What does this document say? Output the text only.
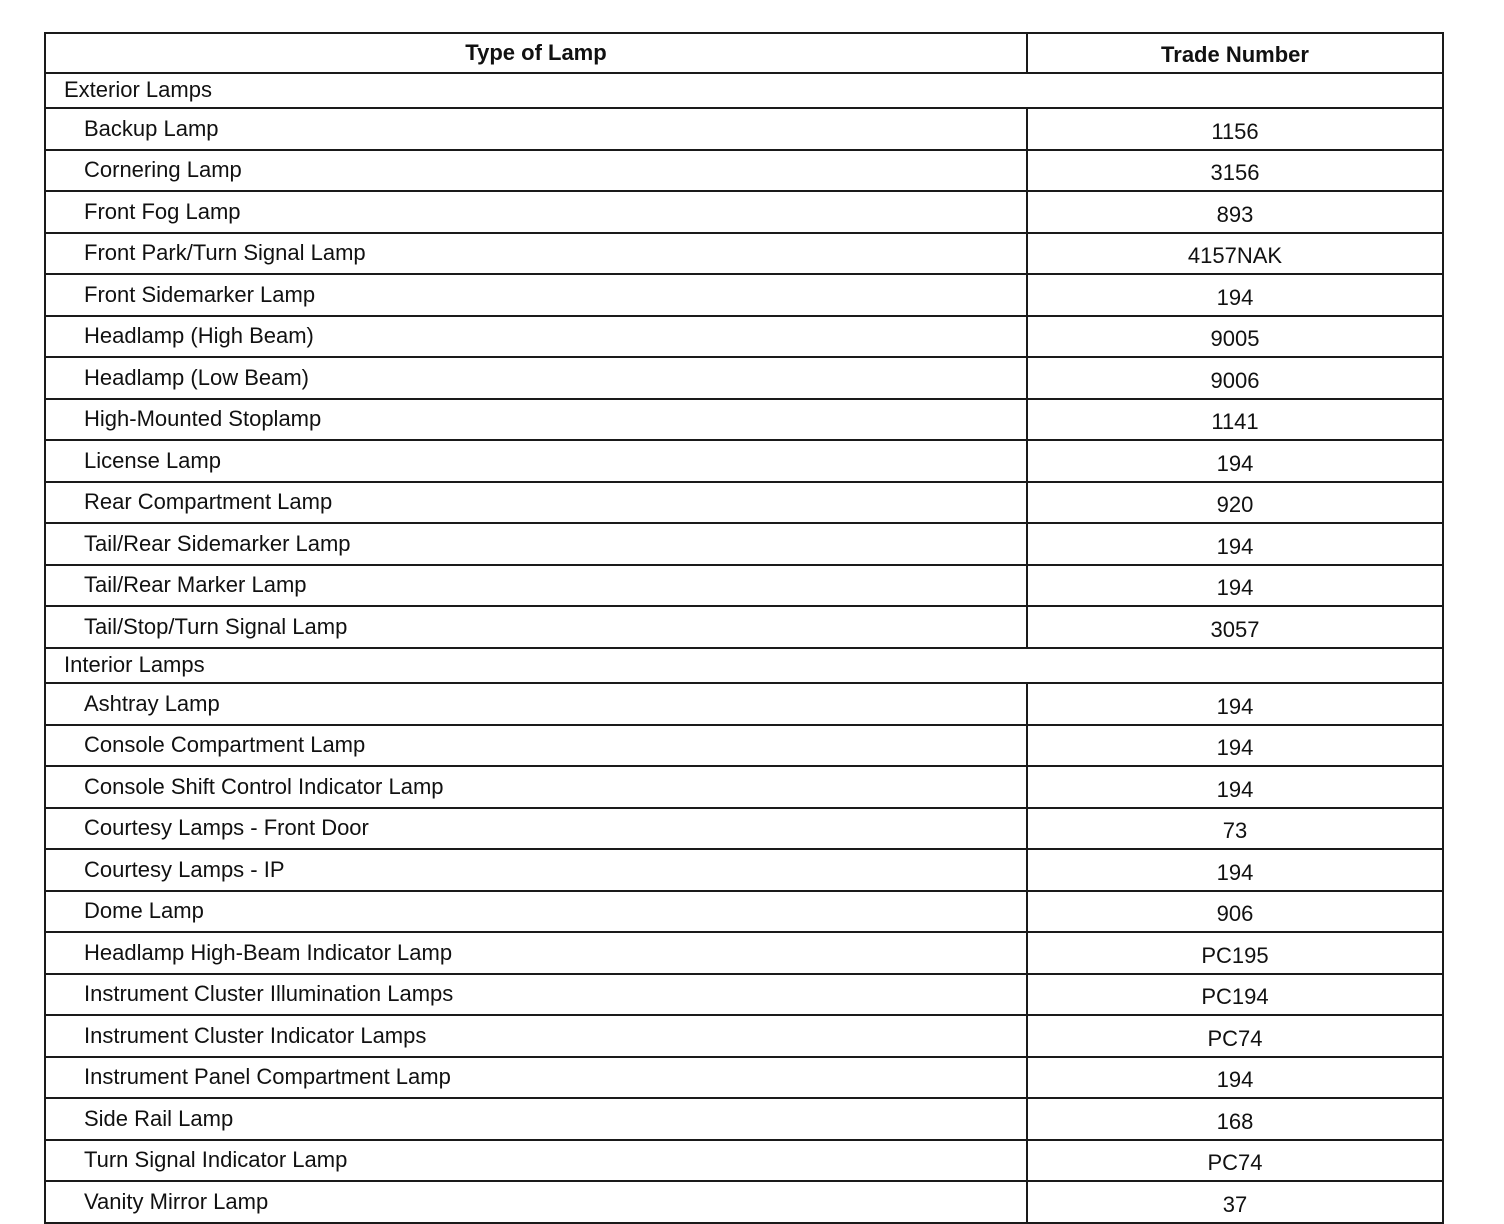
Type of Lamp	Trade Number
Exterior Lamps	
Backup Lamp	1156
Cornering Lamp	3156
Front Fog Lamp	893
Front Park/Turn Signal Lamp	4157NAK
Front Sidemarker Lamp	194
Headlamp (High Beam)	9005
Headlamp (Low Beam)	9006
High-Mounted Stoplamp	1141
License Lamp	194
Rear Compartment Lamp	920
Tail/Rear Sidemarker Lamp	194
Tail/Rear Marker Lamp	194
Tail/Stop/Turn Signal Lamp	3057
Interior Lamps	
Ashtray Lamp	194
Console Compartment Lamp	194
Console Shift Control Indicator Lamp	194
Courtesy Lamps - Front Door	73
Courtesy Lamps - IP	194
Dome Lamp	906
Headlamp High-Beam Indicator Lamp	PC195
Instrument Cluster Illumination Lamps	PC194
Instrument Cluster Indicator Lamps	PC74
Instrument Panel Compartment Lamp	194
Side Rail Lamp	168
Turn Signal Indicator Lamp	PC74
Vanity Mirror Lamp	37
